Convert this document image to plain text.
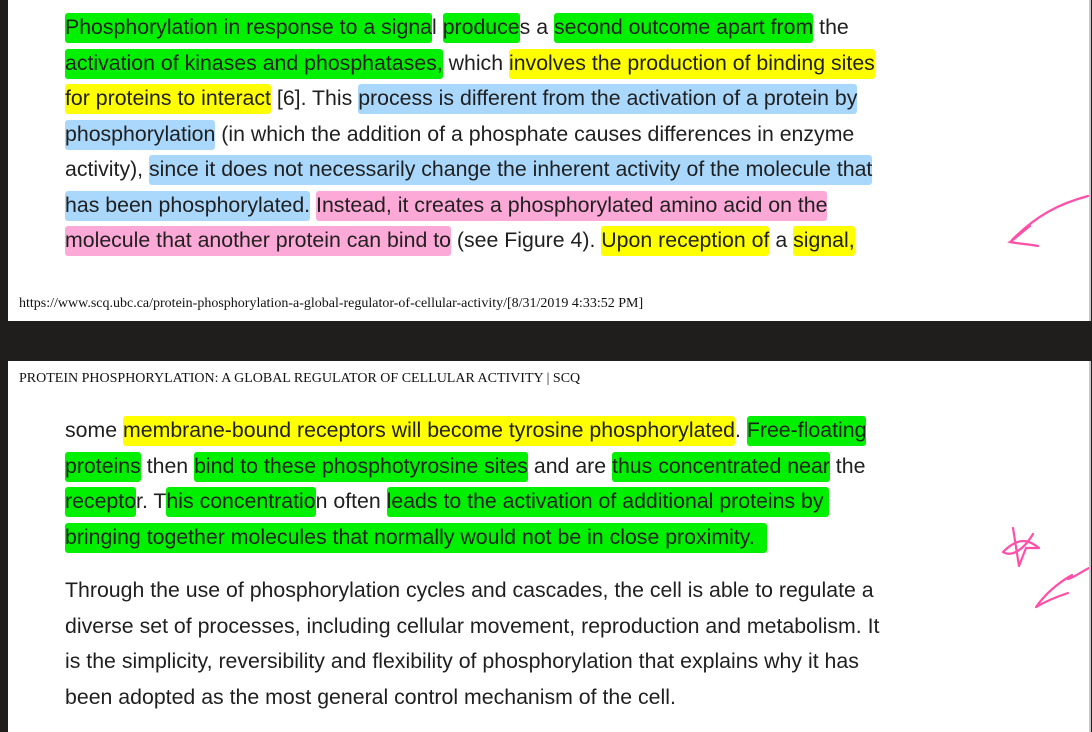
Phosphorylation in response to a signal produces a second outcome apart from the
activation of kinases and phosphatases, which involves the production of binding sites
for proteins to interact [6]. This process is different from the activation of a protein by
phosphorylation (in which the addition of a phosphate causes differences in enzyme
activity), since it does not necessarily change the inherent activity of the molecule that
has been phosphorylated. Instead, it creates a phosphorylated amino acid on the
molecule that another protein can bind to (see Figure 4). Upon reception of a signal,
https://www.scq.ubc.ca/protein-phosphorylation-a-global-regulator-of-cellular-activity/[8/31/2019 4:33:52 PM]
PROTEIN PHOSPHORYLATION: A GLOBAL REGULATOR OF CELLULAR ACTIVITY | SCQ
some membrane-bound receptors will become tyrosine phosphorylated. Free-floating
proteins then bind to these phosphotyrosine sites and are thus concentrated near the
receptor. This concentration often leads to the activation of additional proteins by
bringing together molecules that normally would not be in close proximity.
Through the use of phosphorylation cycles and cascades, the cell is able to regulate a
diverse set of processes, including cellular movement, reproduction and metabolism. It
is the simplicity, reversibility and flexibility of phosphorylation that explains why it has
been adopted as the most general control mechanism of the cell.
